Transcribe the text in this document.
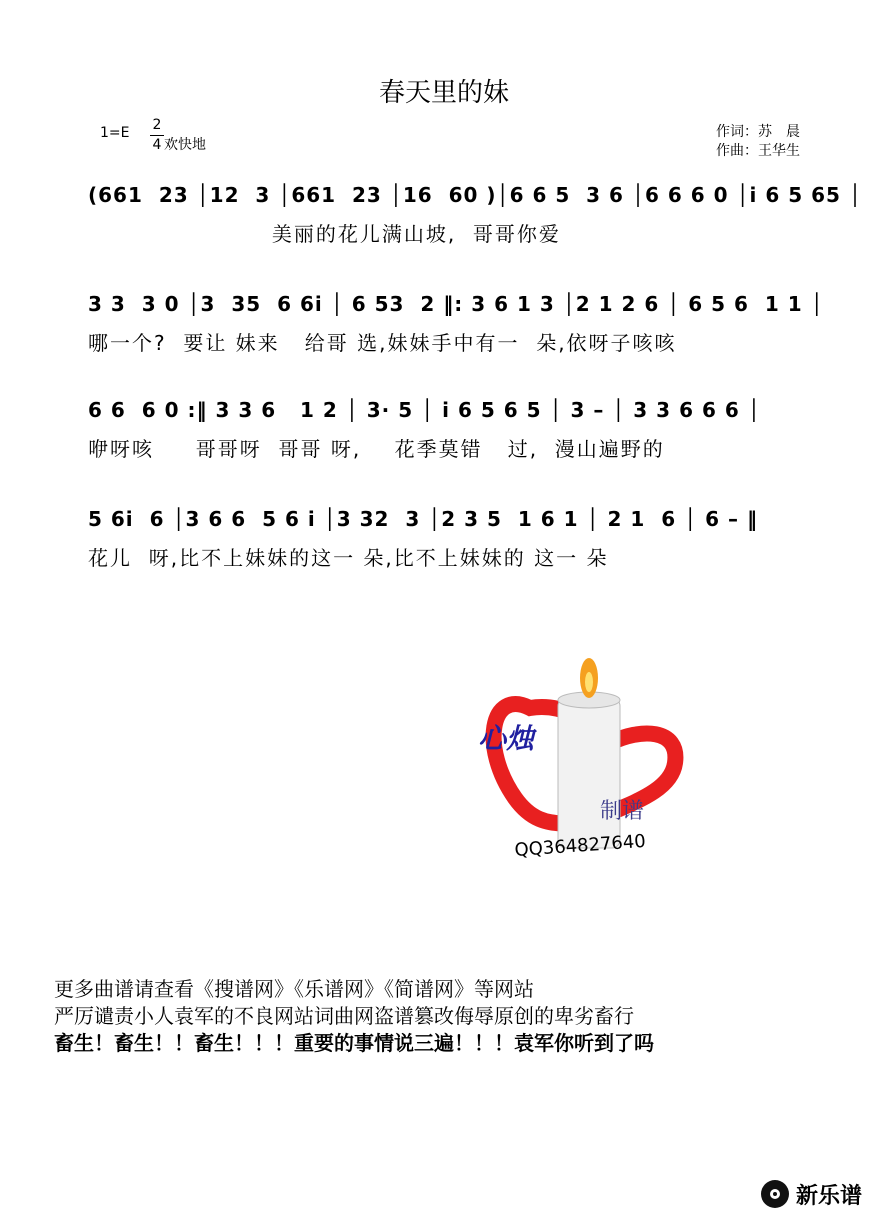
春天里的妹
1=E 2
4 欢快地
作词：苏　晨
作曲：王华生
(661  23 │12  3 │661  23 │16  60 )│6 6 5  3 6 │6 6 6 0 │i 6 5 65 │
美丽的花儿满山坡,  哥哥你爱
3 3  3 0 │3  35  6 6i │ 6 53  2 ‖: 3 6 1 3 │2 1 2 6 │ 6 5 6  1 1 │
哪一个?  要让 妹来   给哥 选,妹妹手中有一  朵,依呀子咳咳
6 6  6 0 :‖ 3 3 6   1 2 │ 3· 5 │ i 6 5 6 5 │ 3 – │ 3 3 6 6 6 │
咿呀咳     哥哥呀  哥哥 呀,    花季莫错   过,  漫山遍野的
5 6i  6 │3 6 6  5 6 i │3 32  3 │2 3 5  1 6 1 │ 2 1  6 │ 6 – ‖
花儿  呀,比不上妹妹的这一 朵,比不上妹妹的 这一 朵
心烛
制谱
QQ364827640
更多曲谱请查看《搜谱网》《乐谱网》《简谱网》等网站
严厉谴责小人袁军的不良网站词曲网盗谱篡改侮辱原创的卑劣畜行
畜生！畜生！！畜生！！！重要的事情说三遍！！！袁军你听到了吗
新乐谱
